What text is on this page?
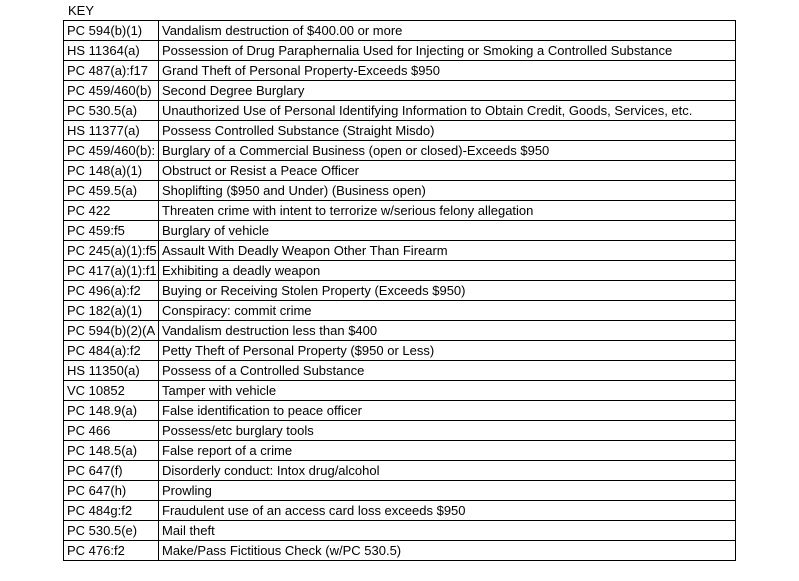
KEY
PC 594(b)(1)	Vandalism destruction of $400.00 or more
HS 11364(a)	Possession of Drug Paraphernalia Used for Injecting or Smoking a Controlled Substance
PC 487(a):f17	Grand Theft of Personal Property-Exceeds $950
PC 459/460(b)	Second Degree Burglary
PC 530.5(a)	Unauthorized Use of Personal Identifying Information to Obtain Credit, Goods, Services, etc.
HS 11377(a)	Possess Controlled Substance (Straight Misdo)
PC 459/460(b):	Burglary of a Commercial Business (open or closed)-Exceeds $950
PC 148(a)(1)	Obstruct or Resist a Peace Officer
PC 459.5(a)	Shoplifting ($950 and Under) (Business open)
PC 422	Threaten crime with intent to terrorize w/serious felony allegation
PC 459:f5	Burglary of vehicle
PC 245(a)(1):f5	Assault With Deadly Weapon Other Than Firearm
PC 417(a)(1):f1	Exhibiting a deadly weapon
PC 496(a):f2	Buying or Receiving Stolen Property (Exceeds $950)
PC 182(a)(1)	Conspiracy: commit crime
PC 594(b)(2)(A	Vandalism destruction less than $400
PC 484(a):f2	Petty Theft of Personal Property ($950 or Less)
HS 11350(a)	Possess of a Controlled Substance
VC 10852	Tamper with vehicle
PC 148.9(a)	False identification to peace officer
PC 466	Possess/etc burglary tools
PC 148.5(a)	False report of a crime
PC 647(f)	Disorderly conduct: Intox drug/alcohol
PC 647(h)	Prowling
PC 484g:f2	Fraudulent use of an access card loss exceeds $950
PC 530.5(e)	Mail theft
PC 476:f2	Make/Pass Fictitious Check (w/PC 530.5)
